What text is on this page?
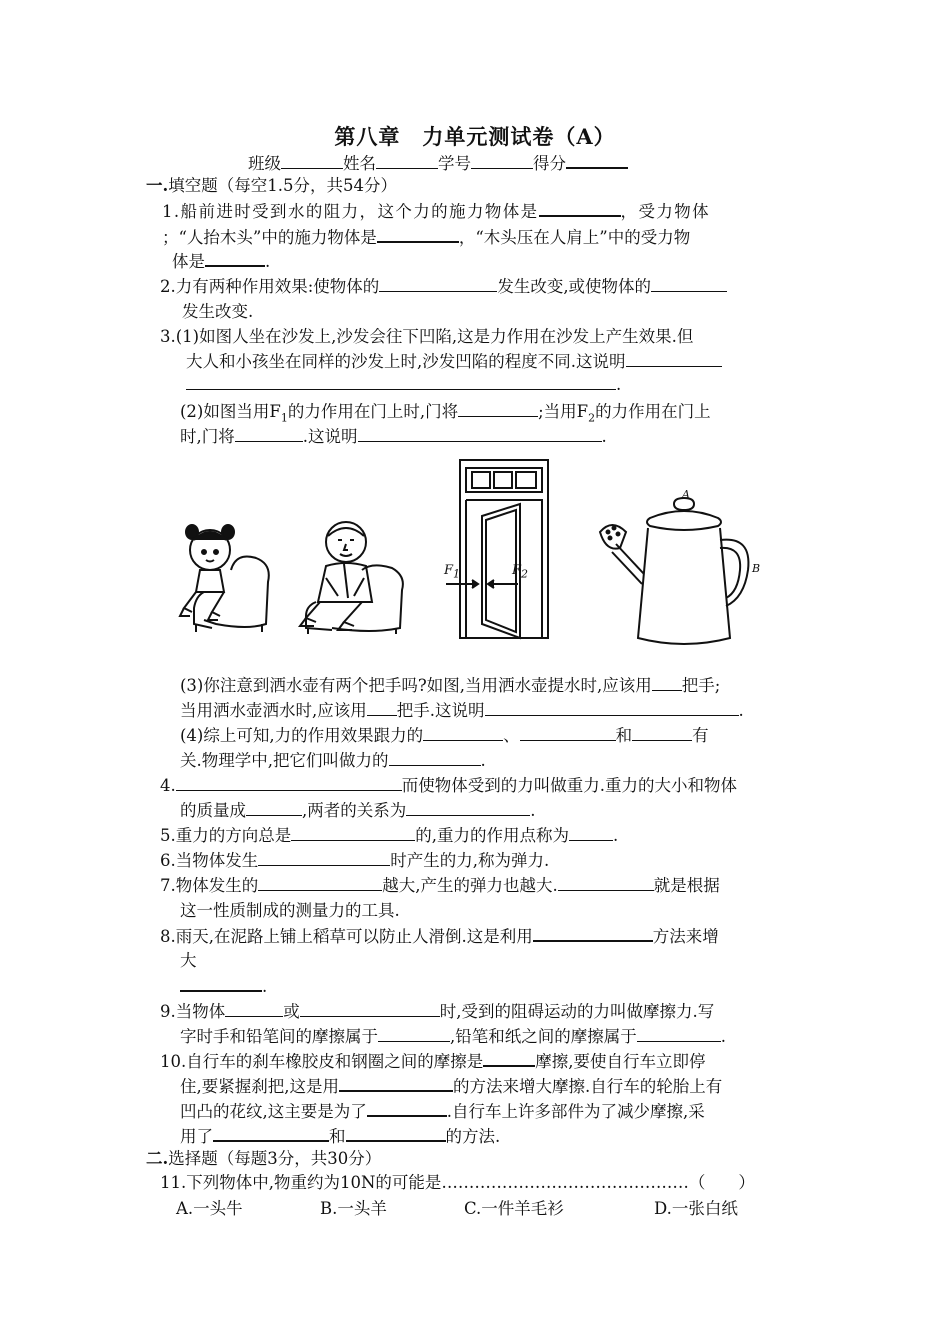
第八章　力单元测试卷（A）
班级	姓名	学号	得分
一.填空题（每空1.5分，共54分）
1.船前进时受到水的阻力，这个力的施力物体是	，受力物体
；“人抬木头”中的施力物体是	，“木头压在人肩上”中的受力物
体是	.
2.力有两种作用效果:使物体的	发生改变,或使物体的
发生改变.
3.(1)如图人坐在沙发上,沙发会往下凹陷,这是力作用在沙发上产生效果.但
大人和小孩坐在同样的沙发上时,沙发凹陷的程度不同.这说明
.
(2)如图当用$F_1$的力作用在门上时,门将	;当用$F_2$的力作用在门上
时,门将	.这说明	.
$F_1$	$F_2$
A
B
(3)你注意到洒水壶有两个把手吗?如图,当用洒水壶提水时,应该用 把手;
当用洒水壶洒水时,应该用 把手.这说明	.
(4)综上可知,力的作用效果跟力的	、	和	有
关.物理学中,把它们叫做力的	.
4.	而使物体受到的力叫做重力.重力的大小和物体
的质量成	,两者的关系为	.
5.重力的方向总是	的,重力的作用点称为	.
6.当物体发生	时产生的力,称为弹力.
7.物体发生的	越大,产生的弹力也越大.	就是根据
这一性质制成的测量力的工具.
8.雨天,在泥路上铺上稻草可以防止人滑倒.这是利用	方法来增
大
.
9.当物体	或	时,受到的阻碍运动的力叫做摩擦力.写
字时手和铅笔间的摩擦属于	,铅笔和纸之间的摩擦属于	.
10.自行车的刹车橡胶皮和钢圈之间的摩擦是	摩擦,要使自行车立即停
住,要紧握刹把,这是用	的方法来增大摩擦.自行车的轮胎上有
凹凸的花纹,这主要是为了	.自行车上许多部件为了减少摩擦,采
用了	和	的方法.
二.选择题（每题3分，共30分）
11.下列物体中,物重约为10N的可能是………………………………………（　　）
A.一头牛	B.一头羊	C.一件羊毛衫	D.一张白纸
